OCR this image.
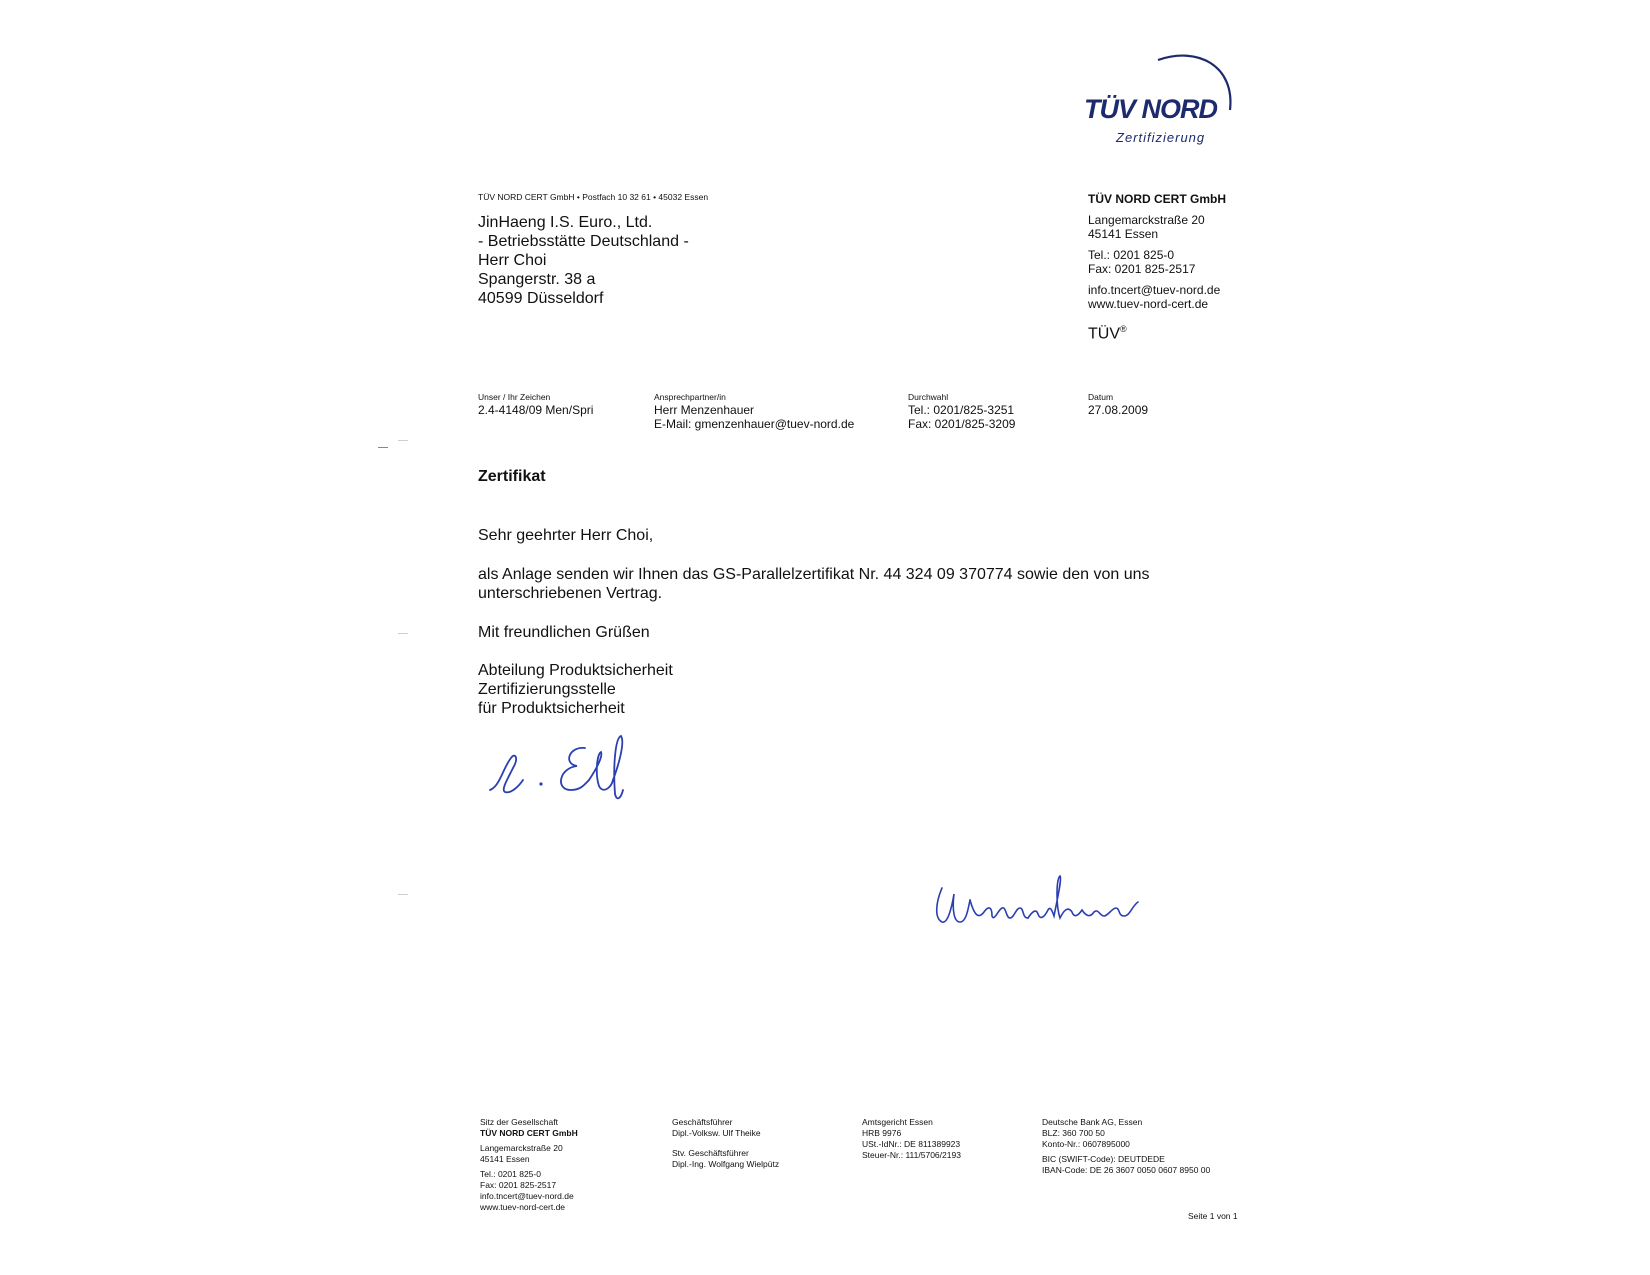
TÜV NORD
Zertifizierung
TÜV NORD CERT GmbH • Postfach 10 32 61 • 45032 Essen
JinHaeng I.S. Euro., Ltd.
- Betriebsstätte Deutschland -
Herr Choi
Spangerstr. 38 a
40599 Düsseldorf
TÜV NORD CERT GmbH
Langemarckstraße 20
45141 Essen
Tel.: 0201 825-0
Fax: 0201 825-2517
info.tncert@tuev-nord.de
www.tuev-nord-cert.de
TÜV®
Unser / Ihr Zeichen
2.4-4148/09 Men/Spri
Ansprechpartner/in
Herr Menzenhauer
E-Mail: gmenzenhauer@tuev-nord.de
Durchwahl
Tel.: 0201/825-3251
Fax: 0201/825-3209
Datum
27.08.2009
Zertifikat
Sehr geehrter Herr Choi,
als Anlage senden wir Ihnen das GS-Parallelzertifikat Nr. 44 324 09 370774 sowie den von uns
unterschriebenen Vertrag.
Mit freundlichen Grüßen
Abteilung Produktsicherheit
Zertifizierungsstelle
für Produktsicherheit
Sitz der Gesellschaft
TÜV NORD CERT GmbH
Langemarckstraße 20
45141 Essen
Tel.: 0201 825-0
Fax: 0201 825-2517
info.tncert@tuev-nord.de
www.tuev-nord-cert.de
Geschäftsführer
Dipl.-Volksw. Ulf Theike
Stv. Geschäftsführer
Dipl.-Ing. Wolfgang Wielpütz
Amtsgericht Essen
HRB 9976
USt.-IdNr.: DE 811389923
Steuer-Nr.: 111/5706/2193
Deutsche Bank AG, Essen
BLZ: 360 700 50
Konto-Nr.: 0607895000
BIC (SWIFT-Code): DEUTDEDE
IBAN-Code: DE 26 3607 0050 0607 8950 00
Seite 1 von 1
